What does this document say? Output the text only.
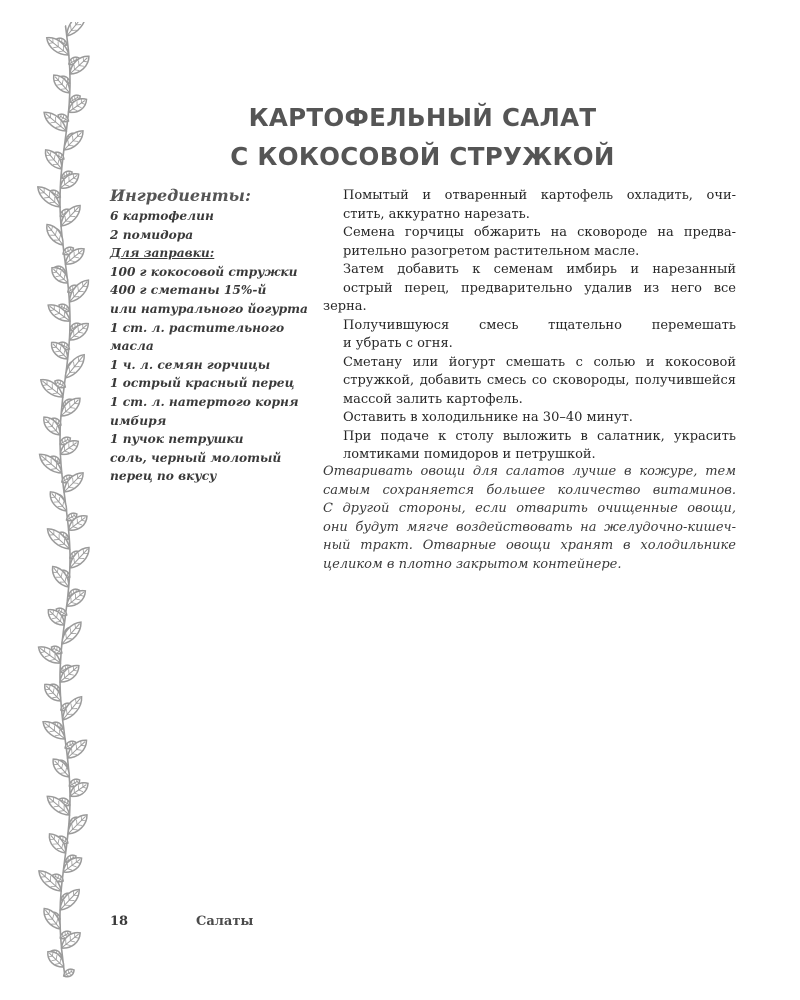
КАРТОФЕЛЬНЫЙ САЛАТ
С КОКОСОВОЙ СТРУЖКОЙ
Ингредиенты:
6 картофелин
2 помидора
Для заправки:
100 г кокосовой стружки
400 г сметаны 15%-й
или натурального йогурта
1 ст. л. растительного
масла
1 ч. л. семян горчицы
1 острый красный перец
1 ст. л. натертого корня
имбиря
1 пучок петрушки
соль, черный молотый
перец по вкусу

Помытый и отваренный картофель охладить, очи-
стить, аккуратно нарезать.

Семена горчицы обжарить на сковороде на предва-
рительно разогретом растительном масле.

Затем добавить к семенам имбирь и нарезанный
острый перец, предварительно удалив из него все зерна.

Получившуюся смесь тщательно перемешать
и убрать с огня.

Сметану или йогурт смешать с солью и кокосовой
стружкой, добавить смесь со сковороды, получившейся
массой залить картофель.

Оставить в холодильнике на 30–40 минут.

При подаче к столу выложить в салатник, украсить
ломтиками помидоров и петрушкой.

Отваривать овощи для салатов лучше в кожуре, тем
самым сохраняется большее количество витаминов.
С другой стороны, если отварить очищенные овощи,
они будут мягче воздействовать на желудочно-кишеч-
ный тракт. Отварные овощи хранят в холодильнике
целиком в плотно закрытом контейнере.
18	Салаты
